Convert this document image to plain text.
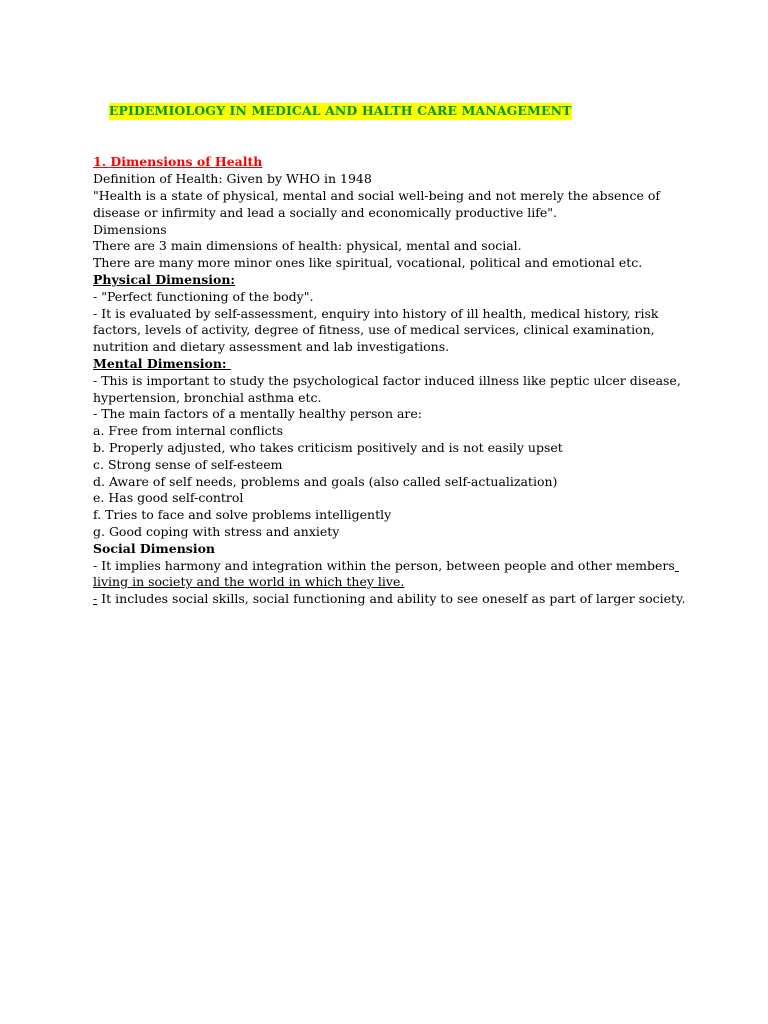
EPIDEMIOLOGY IN MEDICAL AND HALTH CARE MANAGEMENT

1. Dimensions of Health
Definition of Health: Given by WHO in 1948
"Health is a state of physical, mental and social well-being and not merely the absence of
disease or infirmity and lead a socially and economically productive life".
Dimensions
There are 3 main dimensions of health: physical, mental and social.
There are many more minor ones like spiritual, vocational, political and emotional etc.
Physical Dimension:
- "Perfect functioning of the body".
- It is evaluated by self-assessment, enquiry into history of ill health, medical history, risk
factors, levels of activity, degree of fitness, use of medical services, clinical examination,
nutrition and dietary assessment and lab investigations.
Mental Dimension:
- This is important to study the psychological factor induced illness like peptic ulcer disease,
hypertension, bronchial asthma etc.
- The main factors of a mentally healthy person are:
a. Free from internal conflicts
b. Properly adjusted, who takes criticism positively and is not easily upset
c. Strong sense of self-esteem
d. Aware of self needs, problems and goals (also called self-actualization)
e. Has good self-control
f. Tries to face and solve problems intelligently
g. Good coping with stress and anxiety
Social Dimension
- It implies harmony and integration within the person, between people and other members
living in society and the world in which they live.
- It includes social skills, social functioning and ability to see oneself as part of larger society.
